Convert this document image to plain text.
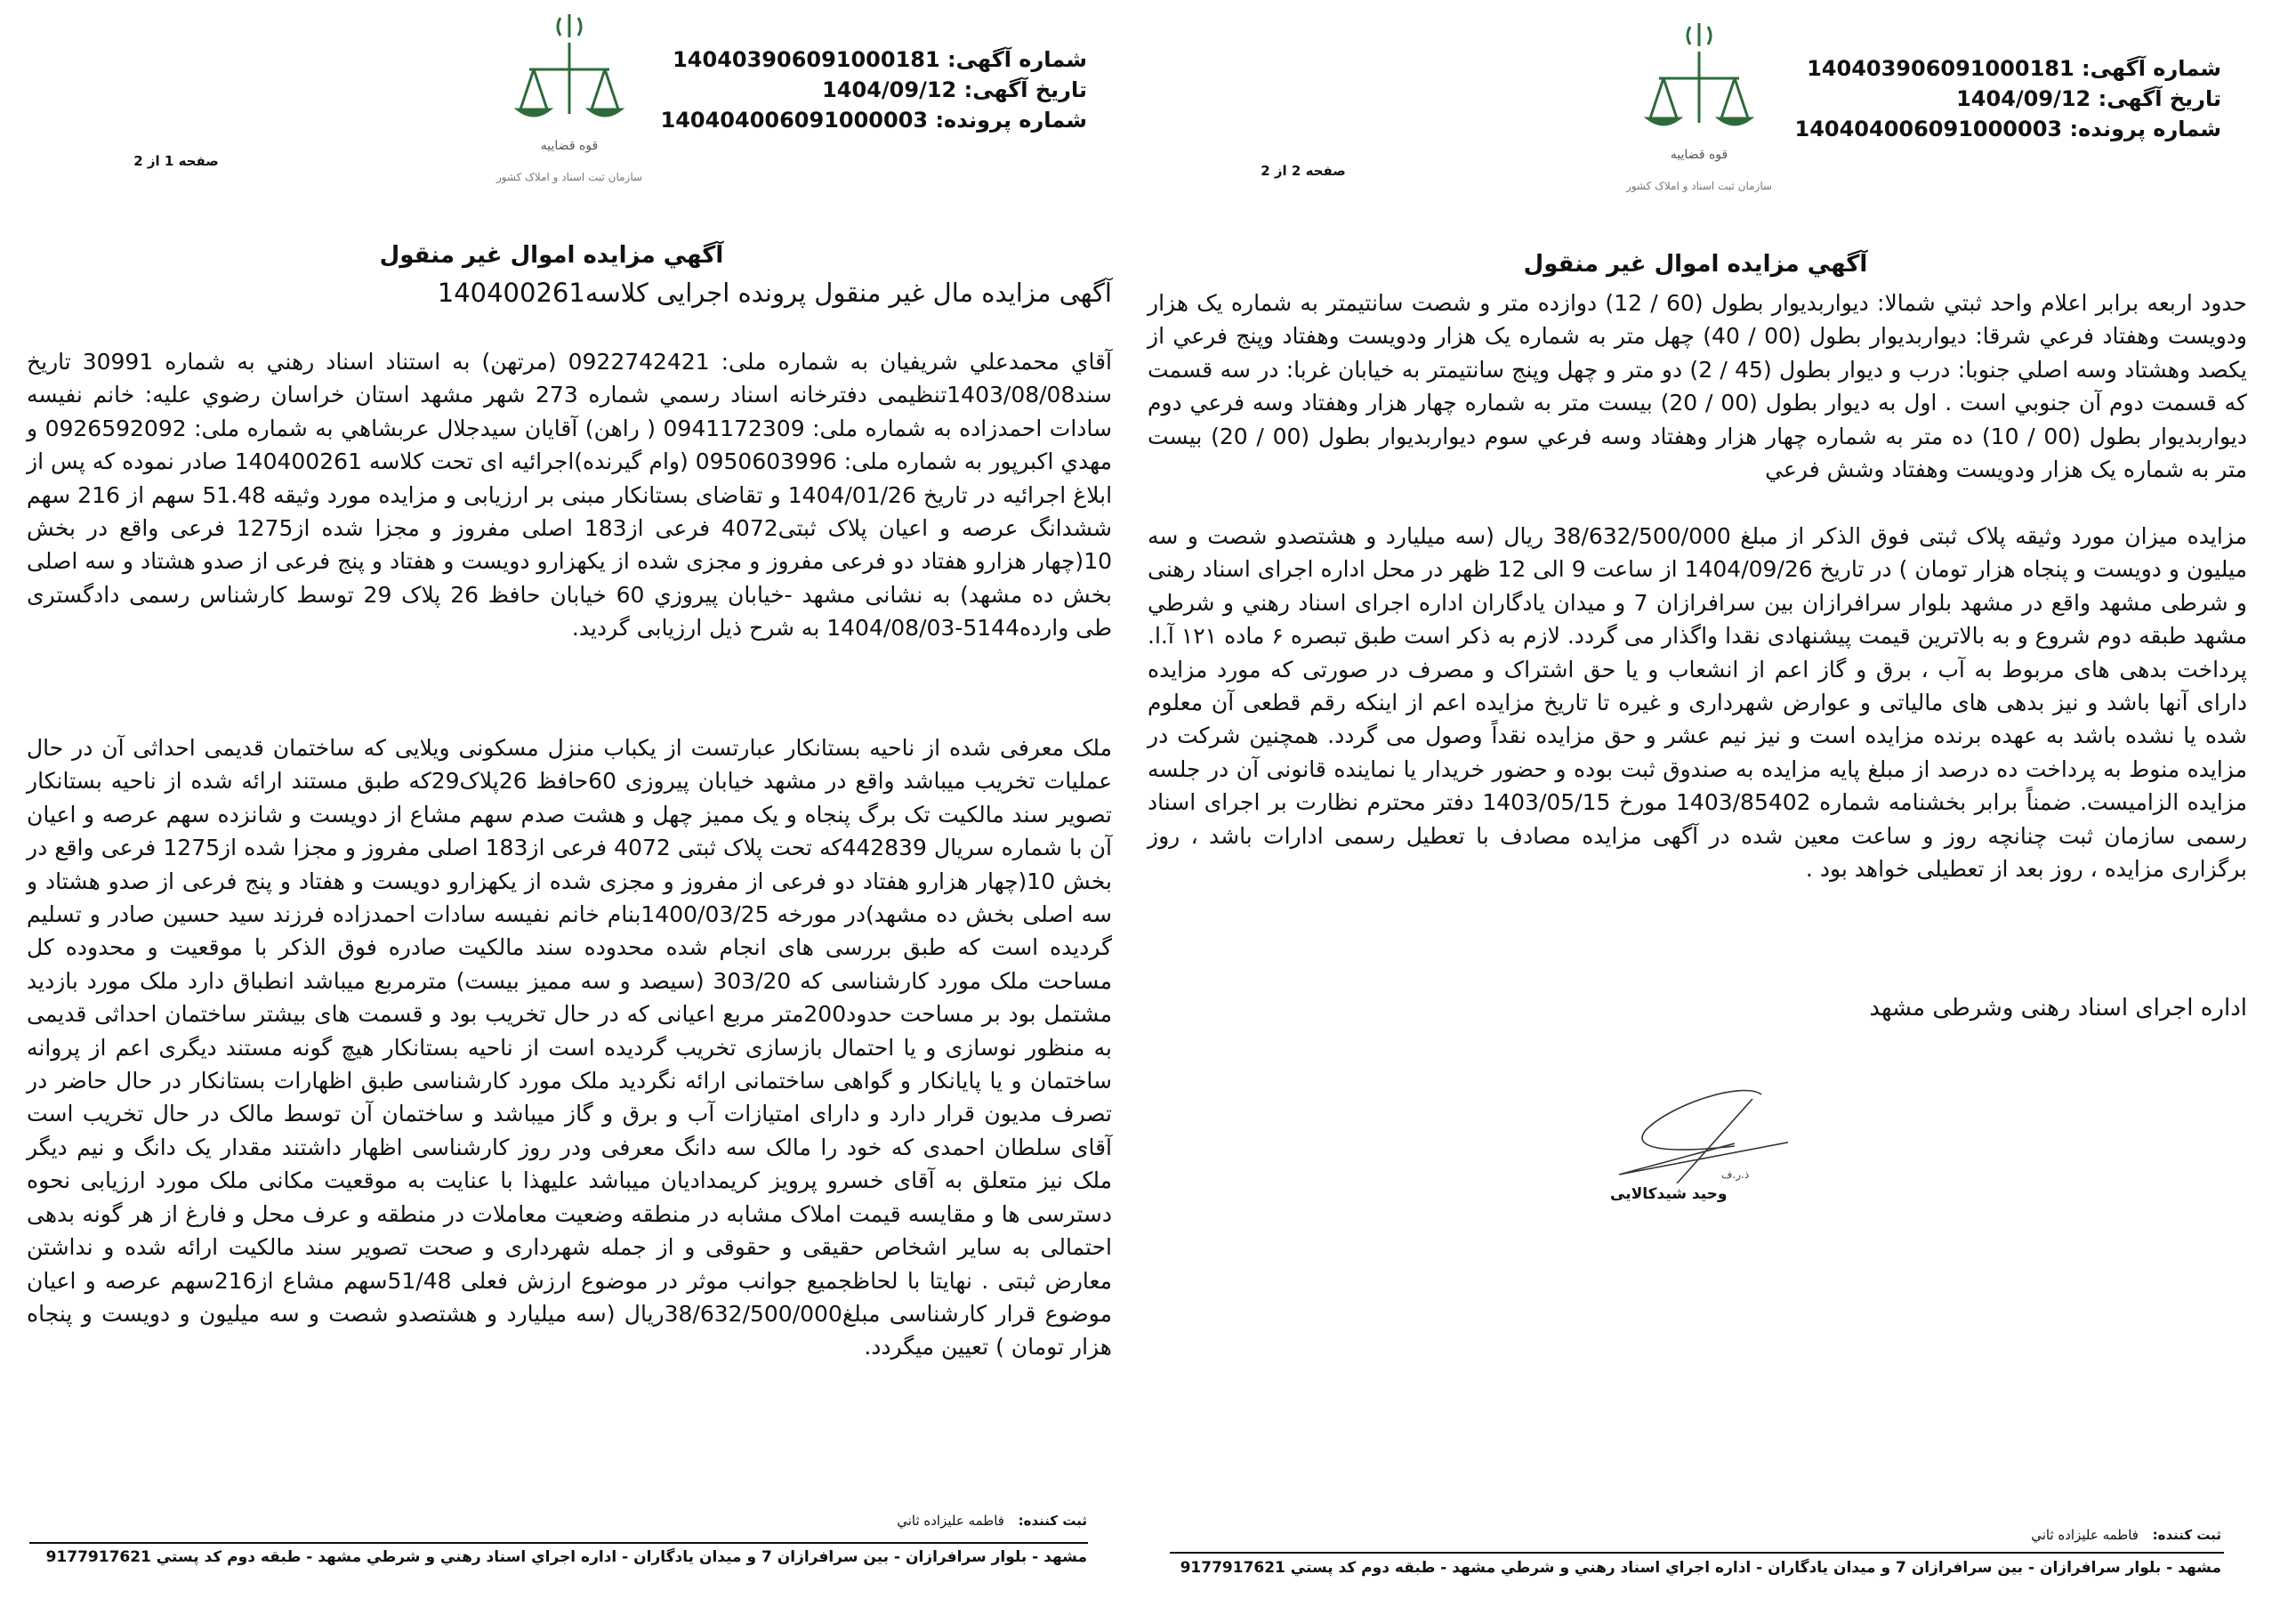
شماره آگهی: 140403906091000181
تاریخ آگهی: 1404/09/12
شماره پرونده: 140404006091000003
قوه قضاییه
سازمان ثبت اسناد و املاک کشور
صفحه 1 از 2
آگهي مزايده اموال غير منقول
آگهی مزایده مال غیر منقول پرونده اجرایی کلاسه140400261
آقاي محمدعلي شريفيان به شماره ملی: 0922742421 (مرتهن) به استناد اسناد رهني به شماره 30991 تاريخ سند1403/08/08تنظيمی دفترخانه اسناد رسمي شماره 273 شهر مشهد استان خراسان رضوي عليه: خانم نفيسه سادات احمدزاده به شماره ملی: 0941172309 ( راهن) آقايان سيدجلال عربشاهي به شماره ملی: 0926592092 و مهدي اكبرپور به شماره ملی: 0950603996 (وام گيرنده)اجرائيه ای تحت كلاسه 140400261 صادر نموده كه پس از ابلاغ اجرائيه در تاريخ 1404/01/26 و تقاضای بستانكار مبنی بر ارزيابی و مزايده مورد وثيقه 51.48 سهم از 216 سهم ششدانگ عرصه و اعيان پلاک ثبتی4072 فرعی از183 اصلی مفروز و مجزا شده از1275 فرعی واقع در بخش 10(چهار هزارو هفتاد دو فرعی مفروز و مجزی شده از يكهزارو دويست و هفتاد و پنج فرعی از صدو هشتاد و سه اصلی بخش ده مشهد) به نشانی مشهد -خيابان پيروزي 60 خيابان حافظ 26 پلاک 29 توسط كارشناس رسمی دادگستری طی وارده5144-1404/08/03 به شرح ذيل ارزيابی گرديد.
ملک معرفی شده از ناحيه بستانكار عبارتست از يكباب منزل مسكونی ويلايی كه ساختمان قديمی احداثی آن در حال عمليات تخريب ميباشد واقع در مشهد خيابان پيروزی 60حافظ 26پلاک29كه طبق مستند ارائه شده از ناحيه بستانكار تصوير سند مالكيت تک برگ پنجاه و يک مميز چهل و هشت صدم سهم مشاع از دويست و شانزده سهم عرصه و اعيان آن با شماره سريال 442839كه تحت پلاک ثبتی 4072 فرعی از183 اصلی مفروز و مجزا شده از1275 فرعی واقع در بخش 10(چهار هزارو هفتاد دو فرعی از مفروز و مجزی شده از يكهزارو دويست و هفتاد و پنج فرعی از صدو هشتاد و سه اصلی بخش ده مشهد)در مورخه 1400/03/25بنام خانم نفيسه سادات احمدزاده فرزند سيد حسين صادر و تسليم گرديده است كه طبق بررسی های انجام شده محدوده سند مالكيت صادره فوق الذكر با موقعيت و محدوده كل مساحت ملک مورد كارشناسی كه 303/20 (سيصد و سه مميز بيست) مترمربع ميباشد انطباق دارد ملک مورد بازديد مشتمل بود بر مساحت حدود200متر مربع اعيانی كه در حال تخريب بود و قسمت های بيشتر ساختمان احداثی قديمی به منظور نوسازی و يا احتمال بازسازی تخريب گرديده است از ناحيه بستانكار هيچ گونه مستند ديگری اعم از پروانه ساختمان و يا پايانكار و گواهی ساختمانی ارائه نگرديد ملک مورد كارشناسی طبق اظهارات بستانكار در حال حاضر در تصرف مديون قرار دارد و دارای امتيازات آب و برق و گاز ميباشد و ساختمان آن توسط مالک در حال تخريب است آقای سلطان احمدی كه خود را مالک سه دانگ معرفی ودر روز كارشناسی اظهار داشتند مقدار يک دانگ و نيم ديگر ملک نيز متعلق به آقای خسرو پرويز كريمداديان ميباشد عليهذا با عنايت به موقعيت مكانی ملک مورد ارزيابی نحوه دسترسی ها و مقايسه قيمت املاک مشابه در منطقه وضعيت معاملات در منطقه و عرف محل و فارغ از هر گونه بدهی احتمالی به ساير اشخاص حقيقی و حقوقی و از جمله شهرداری و صحت تصوير سند مالكيت ارائه شده و نداشتن معارض ثبتی . نهايتا با لحاظجميع جوانب موثر در موضوع ارزش فعلی 51/48سهم مشاع از216سهم عرصه و اعيان موضوع قرار كارشناسی مبلغ38/632/500/000ريال (سه ميليارد و هشتصدو شصت و سه ميليون و دويست و پنجاه هزار تومان ) تعيين ميگردد.
ثبت كننده:   فاطمه عليزاده ثاني
مشهد - بلوار سرافرازان - بين سرافرازان 7 و ميدان يادگاران - اداره اجراي اسناد رهني و شرطي مشهد - طبقه دوم كد پستي 9177917621
شماره آگهی: 140403906091000181
تاریخ آگهی: 1404/09/12
شماره پرونده: 140404006091000003
قوه قضاییه
سازمان ثبت اسناد و املاک کشور
صفحه 2 از 2
آگهي مزايده اموال غير منقول
حدود اربعه برابر اعلام واحد ثبتي شمالا: ديواربديوار بطول (60 / 12) دوازده متر و شصت سانتيمتر به شماره يک هزار ودويست وهفتاد فرعي شرقا: ديواربديوار بطول (00 / 40) چهل متر به شماره يک هزار ودويست وهفتاد وپنج فرعي از يكصد وهشتاد وسه اصلي جنوبا: درب و ديوار بطول (45 / 2) دو متر و چهل وپنج سانتيمتر به خيابان غربا: در سه قسمت كه قسمت دوم آن جنوبي است . اول به ديوار بطول (00 / 20) بيست متر به شماره چهار هزار وهفتاد وسه فرعي دوم ديواربديوار بطول (00 / 10) ده متر به شماره چهار هزار وهفتاد وسه فرعي سوم ديواربديوار بطول (00 / 20) بيست متر به شماره يک هزار ودويست وهفتاد وشش فرعي
مزايده ميزان مورد وثيقه پلاک ثبتی فوق الذكر از مبلغ 38/632/500/000 ريال (سه ميليارد و هشتصدو شصت و سه ميليون و دويست و پنجاه هزار تومان ) در تاريخ 1404/09/26 از ساعت 9 الی 12 ظهر در محل اداره اجرای اسناد رهنی و شرطی مشهد واقع در مشهد بلوار سرافرازان بين سرافرازان 7 و ميدان يادگاران اداره اجرای اسناد رهني و شرطي مشهد طبقه دوم شروع و به بالاترين قيمت پيشنهادی نقدا واگذار می گردد. لازم به ذكر است طبق تبصره ۶ ماده ۱۲۱ آ.ا. پرداخت بدهی های مربوط به آب ، برق و گاز اعم از انشعاب و يا حق اشتراک و مصرف در صورتی كه مورد مزايده دارای آنها باشد و نيز بدهی های مالياتی و عوارض شهرداری و غيره تا تاريخ مزايده اعم از اينكه رقم قطعی آن معلوم شده يا نشده باشد به عهده برنده مزايده است و نيز نيم عشر و حق مزايده نقداً وصول می گردد. همچنين شركت در مزايده منوط به پرداخت ده درصد از مبلغ پايه مزايده به صندوق ثبت بوده و حضور خريدار يا نماينده قانونی آن در جلسه مزايده الزاميست. ضمناً برابر بخشنامه شماره 1403/85402 مورخ 1403/05/15 دفتر محترم نظارت بر اجرای اسناد رسمی سازمان ثبت چنانچه روز و ساعت معين شده در آگهی مزايده مصادف با تعطيل رسمی ادارات باشد ، روز برگزاری مزايده ، روز بعد از تعطيلی خواهد بود .
اداره اجرای اسناد رهنی وشرطی مشهد
ذ.ر.ف
وحيد شيدكالايی
ثبت كننده:   فاطمه عليزاده ثاني
مشهد - بلوار سرافرازان - بين سرافرازان 7 و ميدان يادگاران - اداره اجراي اسناد رهني و شرطي مشهد - طبقه دوم كد پستي 9177917621
